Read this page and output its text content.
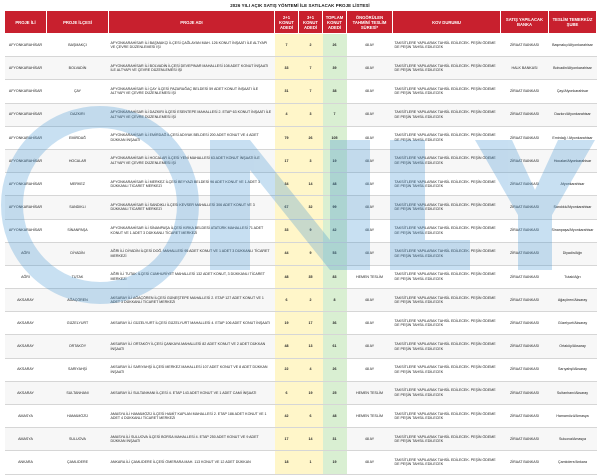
2026 YILI AÇIK SATIŞ YÖNTEMİ İLE SATILACAK PROJE LİSTESİ
PROJE İLİ	PROJE İLÇESİ	PROJE ADI	2+1 KONUT ADEDİ	3+1 KONUT ADEDİ	TOPLAM KONUT ADEDİ	ÖNGÖRÜLEN TAHMİNİ TESLİM SÜRESİ*	KOV DURUMU	SATIŞ YAPILACAK BANKA	TESLİM TEMERKÜZ ŞUBE
AFYONKARAHİSAR	BAŞMAKÇI	AFYONKARAHİSAR İLİ BAŞMAKÇI İLÇESİ ÇAĞLAYAN MAH. 126 KONUT İNŞAATI İLE ALTYAPI VE ÇEVRE DÜZENLEMESİ İŞİ	7	2	26	48 AY	TAKSİTLERE YAPILARAK TAHSİL EDİLECEK. PEŞİN ÖDEME DE PEŞİN TAHSİL EDİLECEK	ZİRAAT BANKASI	Başmakçı/Afyonkarahisar
AFYONKARAHİSAR	BOLVADİN	AFYONKARAHİSAR İLİ BOLVADİN İLÇESİ DEVEPINAR MAHALLESİ 108 ADET KONUT İNŞAATI İLE ALTYAPI VE ÇEVRE DÜZENLEMESİ İŞİ	33	7	39	48 AY	TAKSİTLERE YAPILARAK TAHSİL EDİLECEK. PEŞİN ÖDEME DE PEŞİN TAHSİL EDİLECEK	HALK BANKASI	Bolvadin/Afyonkarahisar
AFYONKARAHİSAR	ÇAY	AFYONKARAHİSAR İLİ ÇAY İLÇESİ PAZARAĞAÇ BELDESİ 59 ADET KONUT İNŞAATI İLE ALTYAPI VE ÇEVRE DÜZENLEMESİ İŞİ	31	7	38	48 AY	TAKSİTLERE YAPILARAK TAHSİL EDİLECEK. PEŞİN ÖDEME DE PEŞİN TAHSİL EDİLECEK	ZİRAAT BANKASI	Çay/Afyonkarahisar
AFYONKARAHİSAR	DAZKIRI	AFYONKARAHİSAR İLİ DAZKIRI İLÇESİ ESENTEPE MAHALLESİ 2. ETAP 63 KONUT İNŞAATI İLE ALTYAPI VE ÇEVRE DÜZENLEMESİ İŞİ	4	3	7	48 AY	TAKSİTLERE YAPILARAK TAHSİL EDİLECEK. PEŞİN ÖDEME DE PEŞİN TAHSİL EDİLECEK	ZİRAAT BANKASI	Dazkırı/Afyonkarahisar
AFYONKARAHİSAR	EMİRDAĞ	AFYONKARAHİSAR İLİ EMİRDAĞ İLÇESİ ADIYAK BELDESİ 200 ADET KONUT VE 4 ADET DÜKKAN İNŞAATI	79	26	105	48 AY	TAKSİTLERE YAPILARAK TAHSİL EDİLECEK. PEŞİN ÖDEME DE PEŞİN TAHSİL EDİLECEK	ZİRAAT BANKASI	Emirdağ / Afyonkarahisar
AFYONKARAHİSAR	HOCALAR	AFYONKARAHİSAR İLİ HOCALAR İLÇESİ YENİ MAHALLESİ 63 ADET KONUT İNŞAATI İLE ALTYAPI VE ÇEVRE DÜZENLEMESİ İŞİ	17	3	19	48 AY	TAKSİTLERE YAPILARAK TAHSİL EDİLECEK. PEŞİN ÖDEME DE PEŞİN TAHSİL EDİLECEK	ZİRAAT BANKASI	Hocalar/Afyonkarahisar
AFYONKARAHİSAR	MERKEZ	AFYONKARAHİSAR İLİ MERKEZ İLÇESİ BEYYAZI BELDESİ 96 ADET KONUT VE 1 ADET 3 DÜKKANLI TİCARET MERKEZİ	34	14	48	48 AY	TAKSİTLERE YAPILARAK TAHSİL EDİLECEK. PEŞİN ÖDEME DE PEŞİN TAHSİL EDİLECEK	ZİRAAT BANKASI	Afyonkarahisar
AFYONKARAHİSAR	SANDIKLI	AFYONKARAHİSAR İLİ SANDIKLI İLÇESİ KEVSER MAHALLESİ 306 ADET KONUT VE 3 DÜKKANLI TİCARET MERKEZİ	67	32	99	48 AY	TAKSİTLERE YAPILARAK TAHSİL EDİLECEK. PEŞİN ÖDEME DE PEŞİN TAHSİL EDİLECEK	ZİRAAT BANKASI	Sandıklı/Afyonkarahisar
AFYONKARAHİSAR	SİNANPAŞA	AFYONKARAHİSAR İLİ SİNANPAŞA İLÇESİ KIRKA BELDESİ ATATÜRK MAHALLESİ 71 ADET KONUT VE 1 ADET 3 DÜKKANLI TİCARET MERKEZİ	33	9	42	48 AY	TAKSİTLERE YAPILARAK TAHSİL EDİLECEK. PEŞİN ÖDEME DE PEŞİN TAHSİL EDİLECEK	ZİRAAT BANKASI	Sinanpaşa/Afyonkarahisar
AĞRI	DİYADİN	AĞRI İLİ DİYADİN İLÇESİ DOĞ. MAHALLESİ 95 ADET KONUT VE 1 ADET 3 DÜKKANLI TİCARET MERKEZİ	44	9	53	48 AY	TAKSİTLERE YAPILARAK TAHSİL EDİLECEK. PEŞİN ÖDEME DE PEŞİN TAHSİL EDİLECEK	ZİRAAT BANKASI	Diyadin/Ağrı
AĞRI	TUTAK	AĞRI İLİ TUTAK İLÇESİ CUMHURİYET MAHALLESİ 132 ADET KONUT, 3 DÜKKANLI TİCARET MERKEZİ	48	35	83	HEMEN TESLİM	TAKSİTLERE YAPILARAK TAHSİL EDİLECEK. PEŞİN ÖDEME DE PEŞİN TAHSİL EDİLECEK	ZİRAAT BANKASI	Tutak/Ağrı
AKSARAY	AĞAÇÖREN	AKSARAY İLİ AĞAÇÖREN İLÇESİ GÜNEŞTEPE MAHALLESİ 2. ETAP 127 ADET KONUT VE 1 ADET 3 DÜKKANLI TİCARET MERKEZİ	6	2	8	48 AY	TAKSİTLERE YAPILARAK TAHSİL EDİLECEK. PEŞİN ÖDEME DE PEŞİN TAHSİL EDİLECEK	ZİRAAT BANKASI	Ağaçören/Aksaray
AKSARAY	GÜZELYURT	AKSARAY İLİ GÜZELYURT İLÇESİ GÜZELYURT MAHALLESİ 4. ETAP 106 ADET KONUT İNŞAATI	19	17	36	48 AY	TAKSİTLERE YAPILARAK TAHSİL EDİLECEK. PEŞİN ÖDEME DE PEŞİN TAHSİL EDİLECEK	ZİRAAT BANKASI	Güzelyurt/Aksaray
AKSARAY	ORTAKÖY	AKSARAY İLİ ORTAKÖY İLÇESİ ÇANKAYA MAHALLESİ 82 ADET KONUT VE 2 ADET DÜKKAN İNŞAATI	48	13	61	48 AY	TAKSİTLERE YAPILARAK TAHSİL EDİLECEK. PEŞİN ÖDEME DE PEŞİN TAHSİL EDİLECEK	ZİRAAT BANKASI	Ortaköy/Aksaray
AKSARAY	SARIYAHŞİ	AKSARAY İLİ SARIYAHŞİ İLÇESİ MERKEZ MAHALLESİ 107 ADET KONUT VE 8 ADET DÜKKAN İNŞAATI	22	4	26	48 AY	TAKSİTLERE YAPILARAK TAHSİL EDİLECEK. PEŞİN ÖDEME DE PEŞİN TAHSİL EDİLECEK	ZİRAAT BANKASI	Sarıyahşi/Aksaray
AKSARAY	SULTANHANI	AKSARAY İLİ SULTANHANI İLÇESİ 4. ETAP 143 ADET KONUT VE 1 ADET CAMİ İNŞAATI	6	19	25	HEMEN TESLİM	TAKSİTLERE YAPILARAK TAHSİL EDİLECEK. PEŞİN ÖDEME DE PEŞİN TAHSİL EDİLECEK	ZİRAAT BANKASI	Sultanhanı/Aksaray
AMASYA	HAMAMÖZÜ	AMASYA İLİ HAMAMÖZÜ İLÇESİ HAMİT KAPLAN MAHALLESİ 2. ETAP 186 ADET KONUT VE 1 ADET 4 DÜKKANLI TİCARET MERKEZİ	42	6	48	HEMEN TESLİM	TAKSİTLERE YAPILARAK TAHSİL EDİLECEK. PEŞİN ÖDEME DE PEŞİN TAHSİL EDİLECEK	ZİRAAT BANKASI	Hamamözü/Amasya
AMASYA	SULUOVA	AMASYA İLİ SULUOVA İLÇESİ BORSA MAHALLESİ 4. ETAP 250 ADET KONUT VE 9 ADET DÜKKAN İNŞAATI	17	14	31	48 AY	TAKSİTLERE YAPILARAK TAHSİL EDİLECEK. PEŞİN ÖDEME DE PEŞİN TAHSİL EDİLECEK	ZİRAAT BANKASI	Suluova/Amasya
ANKARA	ÇAMLIDERE	ANKARA İLİ ÇAMLIDERE İLÇESİ ÖMERARA MAH. 113 KONUT VE 12 ADET DÜKKAN	18	1	19	48 AY	TAKSİTLERE YAPILARAK TAHSİL EDİLECEK. PEŞİN ÖDEME DE PEŞİN TAHSİL EDİLECEK	ZİRAAT BANKASI	Çamlıdere/Ankara
